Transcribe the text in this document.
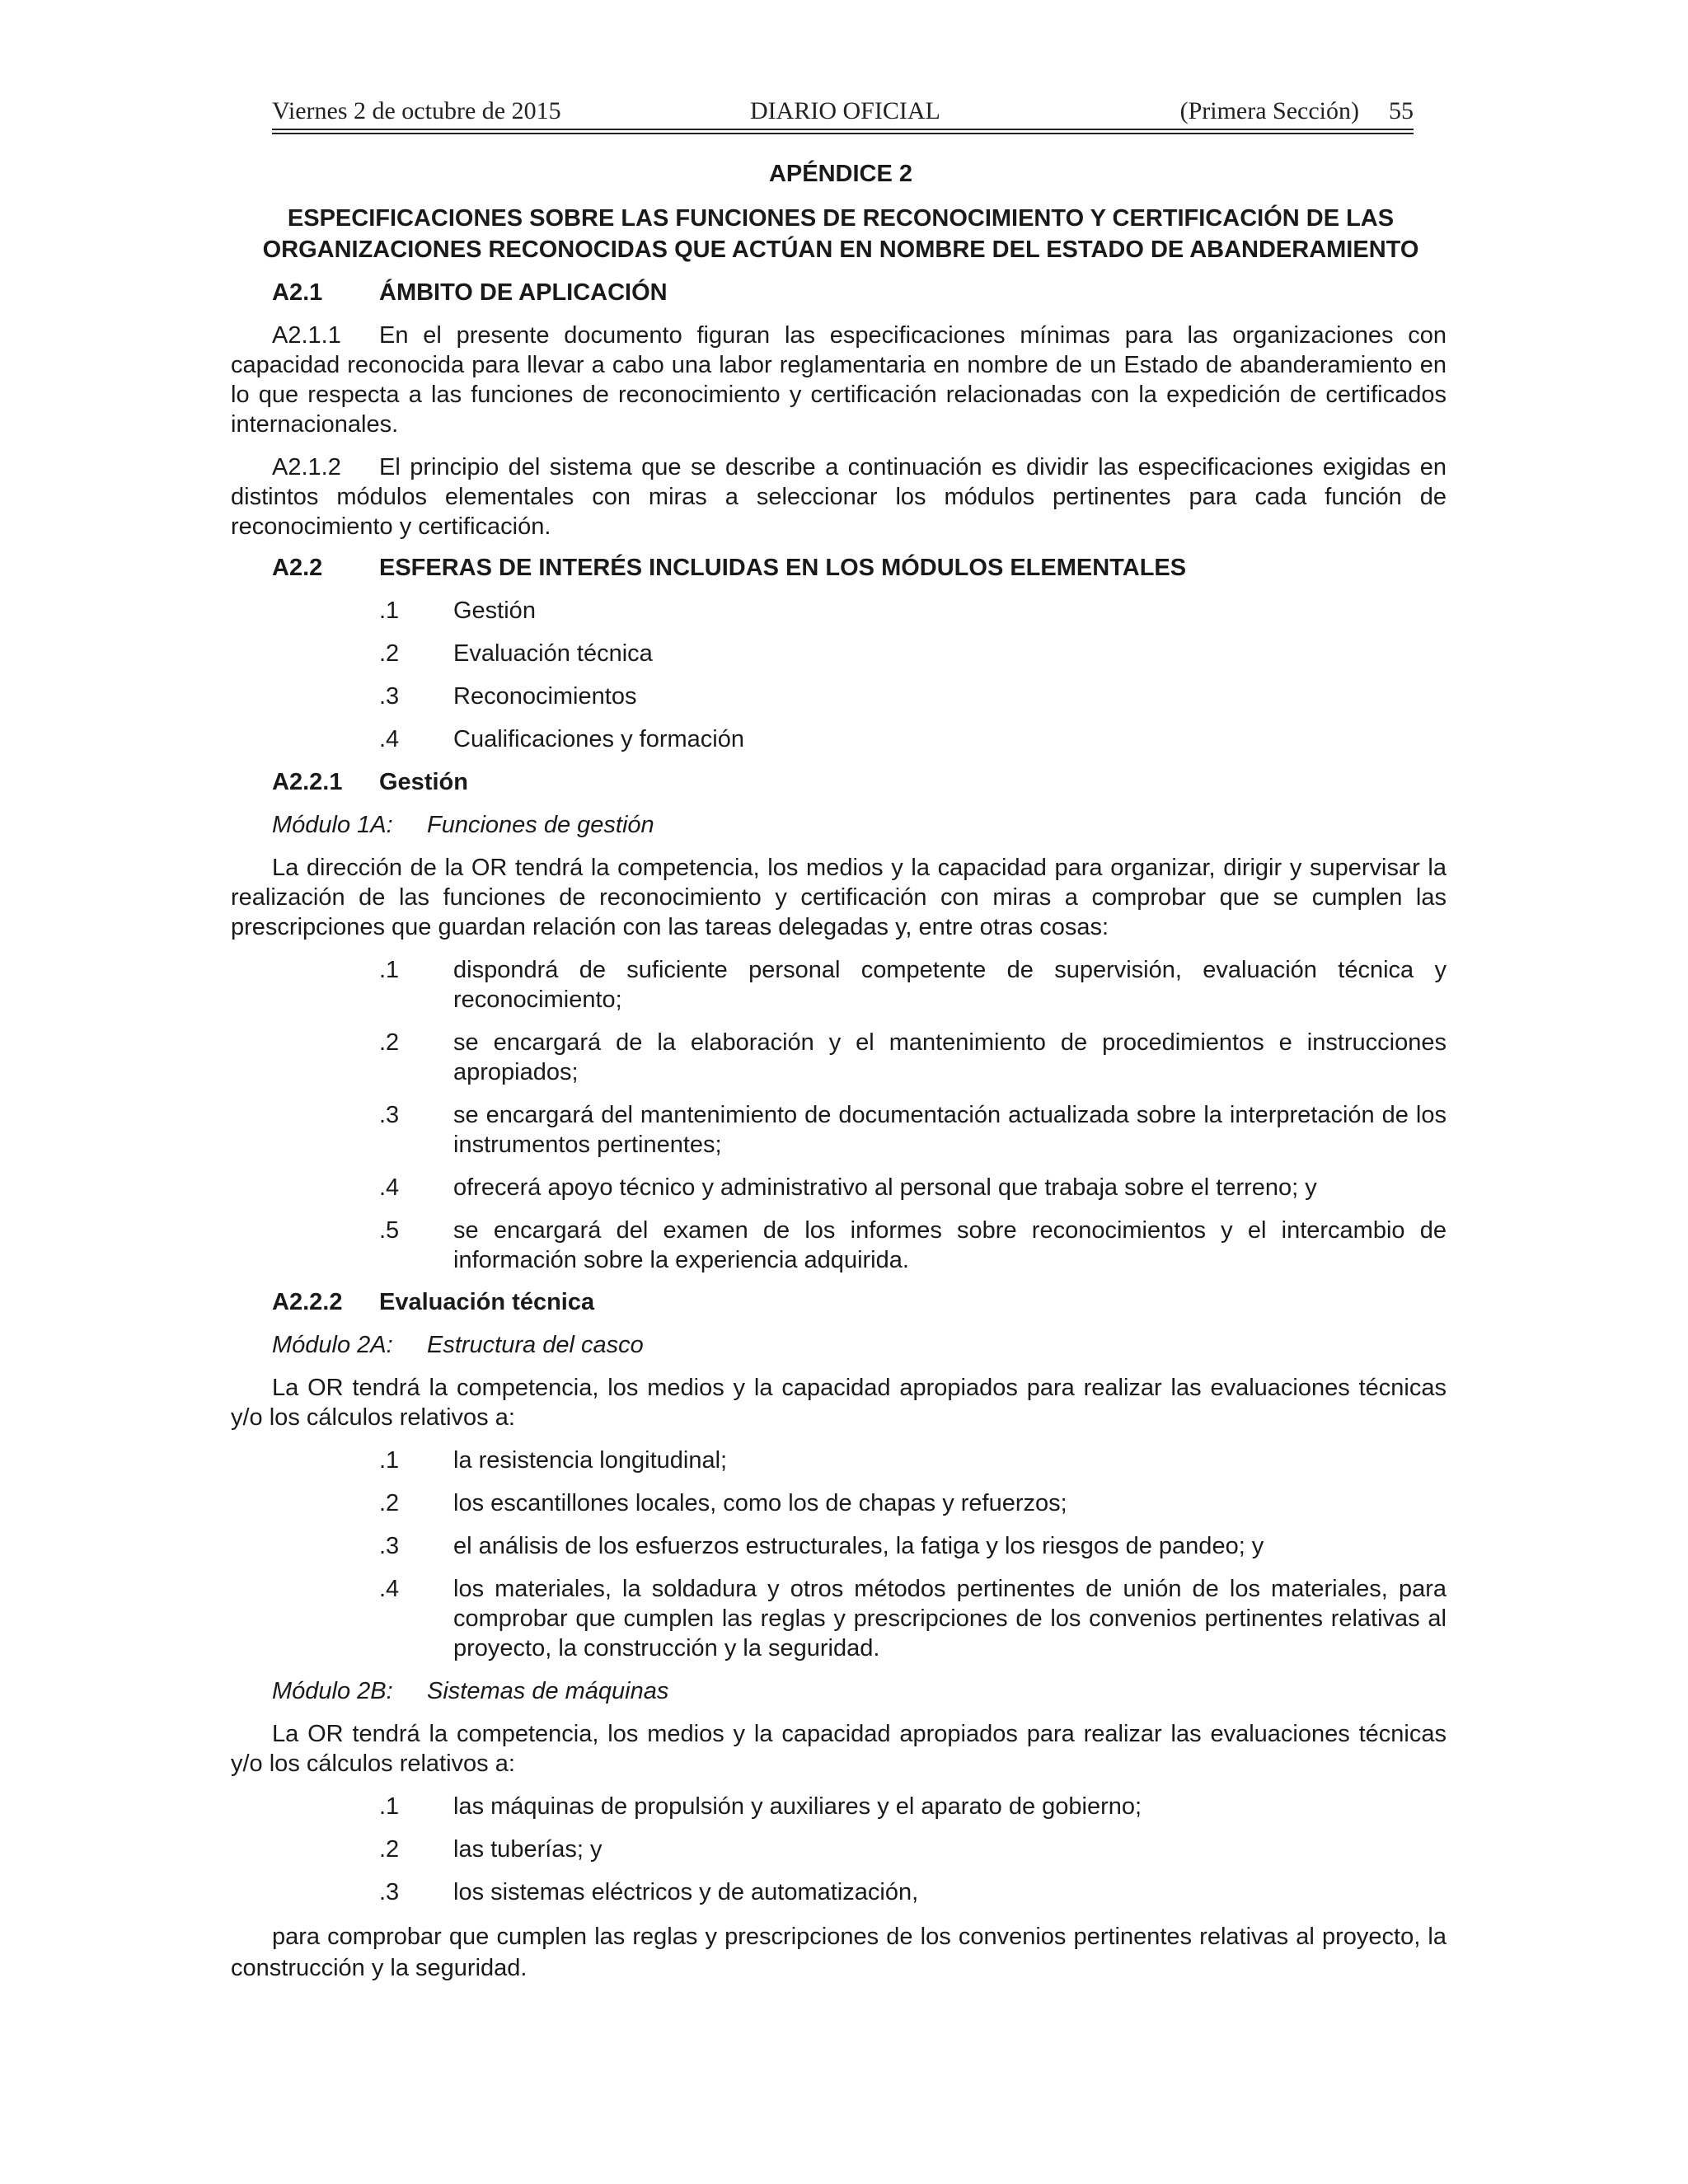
Viernes 2 de octubre de 2015	DIARIO OFICIAL	(Primera Sección) 55
APÉNDICE 2
ESPECIFICACIONES SOBRE LAS FUNCIONES DE RECONOCIMIENTO Y CERTIFICACIÓN DE LAS
ORGANIZACIONES RECONOCIDAS QUE ACTÚAN EN NOMBRE DEL ESTADO DE ABANDERAMIENTO
A2.1 ÁMBITO DE APLICACIÓN
A2.1.1 En el presente documento figuran las especificaciones mínimas para las organizaciones con capacidad reconocida para llevar a cabo una labor reglamentaria en nombre de un Estado de abanderamiento en lo que respecta a las funciones de reconocimiento y certificación relacionadas con la expedición de certificados internacionales.
A2.1.2 El principio del sistema que se describe a continuación es dividir las especificaciones exigidas en distintos módulos elementales con miras a seleccionar los módulos pertinentes para cada función de reconocimiento y certificación.
A2.2 ESFERAS DE INTERÉS INCLUIDAS EN LOS MÓDULOS ELEMENTALES
.1 Gestión
.2 Evaluación técnica
.3 Reconocimientos
.4 Cualificaciones y formación
A2.2.1 Gestión
Módulo 1A: Funciones de gestión
La dirección de la OR tendrá la competencia, los medios y la capacidad para organizar, dirigir y supervisar la realización de las funciones de reconocimiento y certificación con miras a comprobar que se cumplen las prescripciones que guardan relación con las tareas delegadas y, entre otras cosas:
.1 dispondrá de suficiente personal competente de supervisión, evaluación técnica y reconocimiento;
.2 se encargará de la elaboración y el mantenimiento de procedimientos e instrucciones apropiados;
.3 se encargará del mantenimiento de documentación actualizada sobre la interpretación de los instrumentos pertinentes;
.4 ofrecerá apoyo técnico y administrativo al personal que trabaja sobre el terreno; y
.5 se encargará del examen de los informes sobre reconocimientos y el intercambio de información sobre la experiencia adquirida.
A2.2.2 Evaluación técnica
Módulo 2A: Estructura del casco
La OR tendrá la competencia, los medios y la capacidad apropiados para realizar las evaluaciones técnicas y/o los cálculos relativos a:
.1 la resistencia longitudinal;
.2 los escantillones locales, como los de chapas y refuerzos;
.3 el análisis de los esfuerzos estructurales, la fatiga y los riesgos de pandeo; y
.4 los materiales, la soldadura y otros métodos pertinentes de unión de los materiales, para comprobar que cumplen las reglas y prescripciones de los convenios pertinentes relativas al proyecto, la construcción y la seguridad.
Módulo 2B: Sistemas de máquinas
La OR tendrá la competencia, los medios y la capacidad apropiados para realizar las evaluaciones técnicas y/o los cálculos relativos a:
.1 las máquinas de propulsión y auxiliares y el aparato de gobierno;
.2 las tuberías; y
.3 los sistemas eléctricos y de automatización,
para comprobar que cumplen las reglas y prescripciones de los convenios pertinentes relativas al proyecto, la construcción y la seguridad.
